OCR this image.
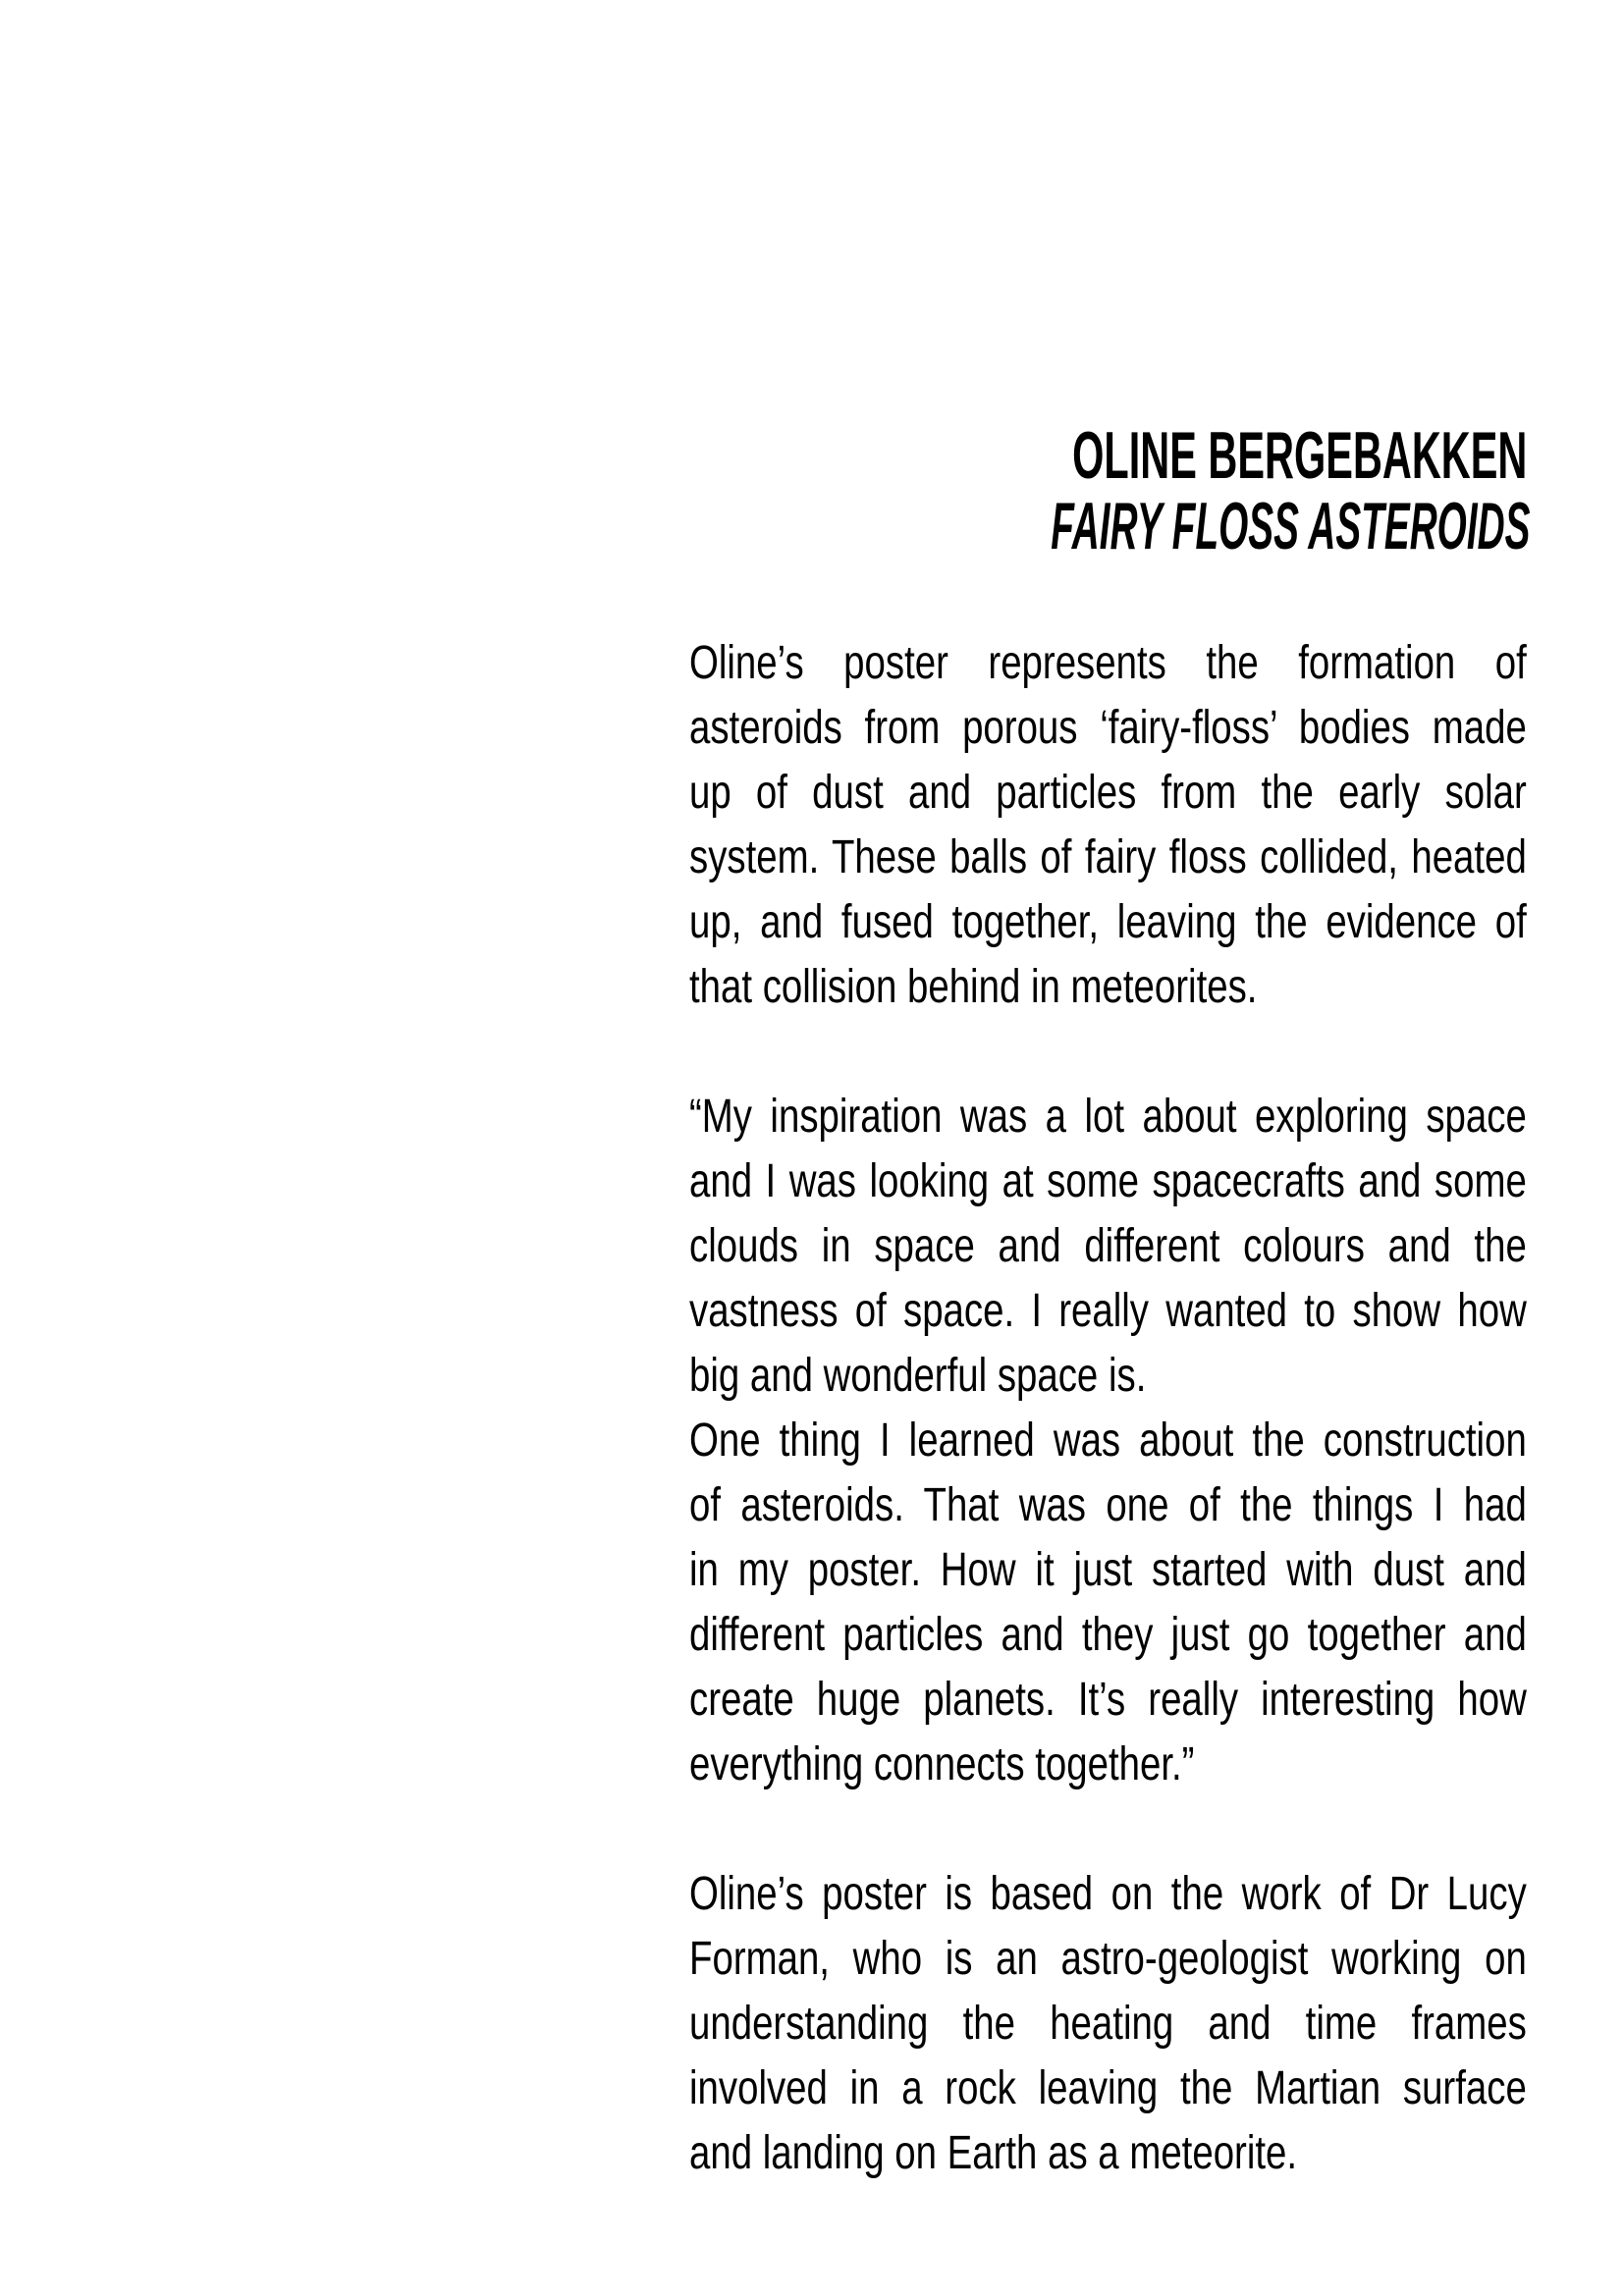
OLINE BERGEBAKKEN
FAIRY FLOSS ASTEROIDS
Oline’s poster represents the formation of
asteroids from porous ‘fairy-floss’ bodies made
up of dust and particles from the early solar
system. These balls of fairy floss collided, heated
up, and fused together, leaving the evidence of
that collision behind in meteorites.
“My inspiration was a lot about exploring space
and I was looking at some spacecrafts and some
clouds in space and different colours and the
vastness of space. I really wanted to show how
big and wonderful space is.
One thing I learned was about the construction
of asteroids. That was one of the things I had
in my poster. How it just started with dust and
different particles and they just go together and
create huge planets. It’s really interesting how
everything connects together.”
Oline’s poster is based on the work of Dr Lucy
Forman, who is an astro-geologist working on
understanding the heating and time frames
involved in a rock leaving the Martian surface
and landing on Earth as a meteorite.
